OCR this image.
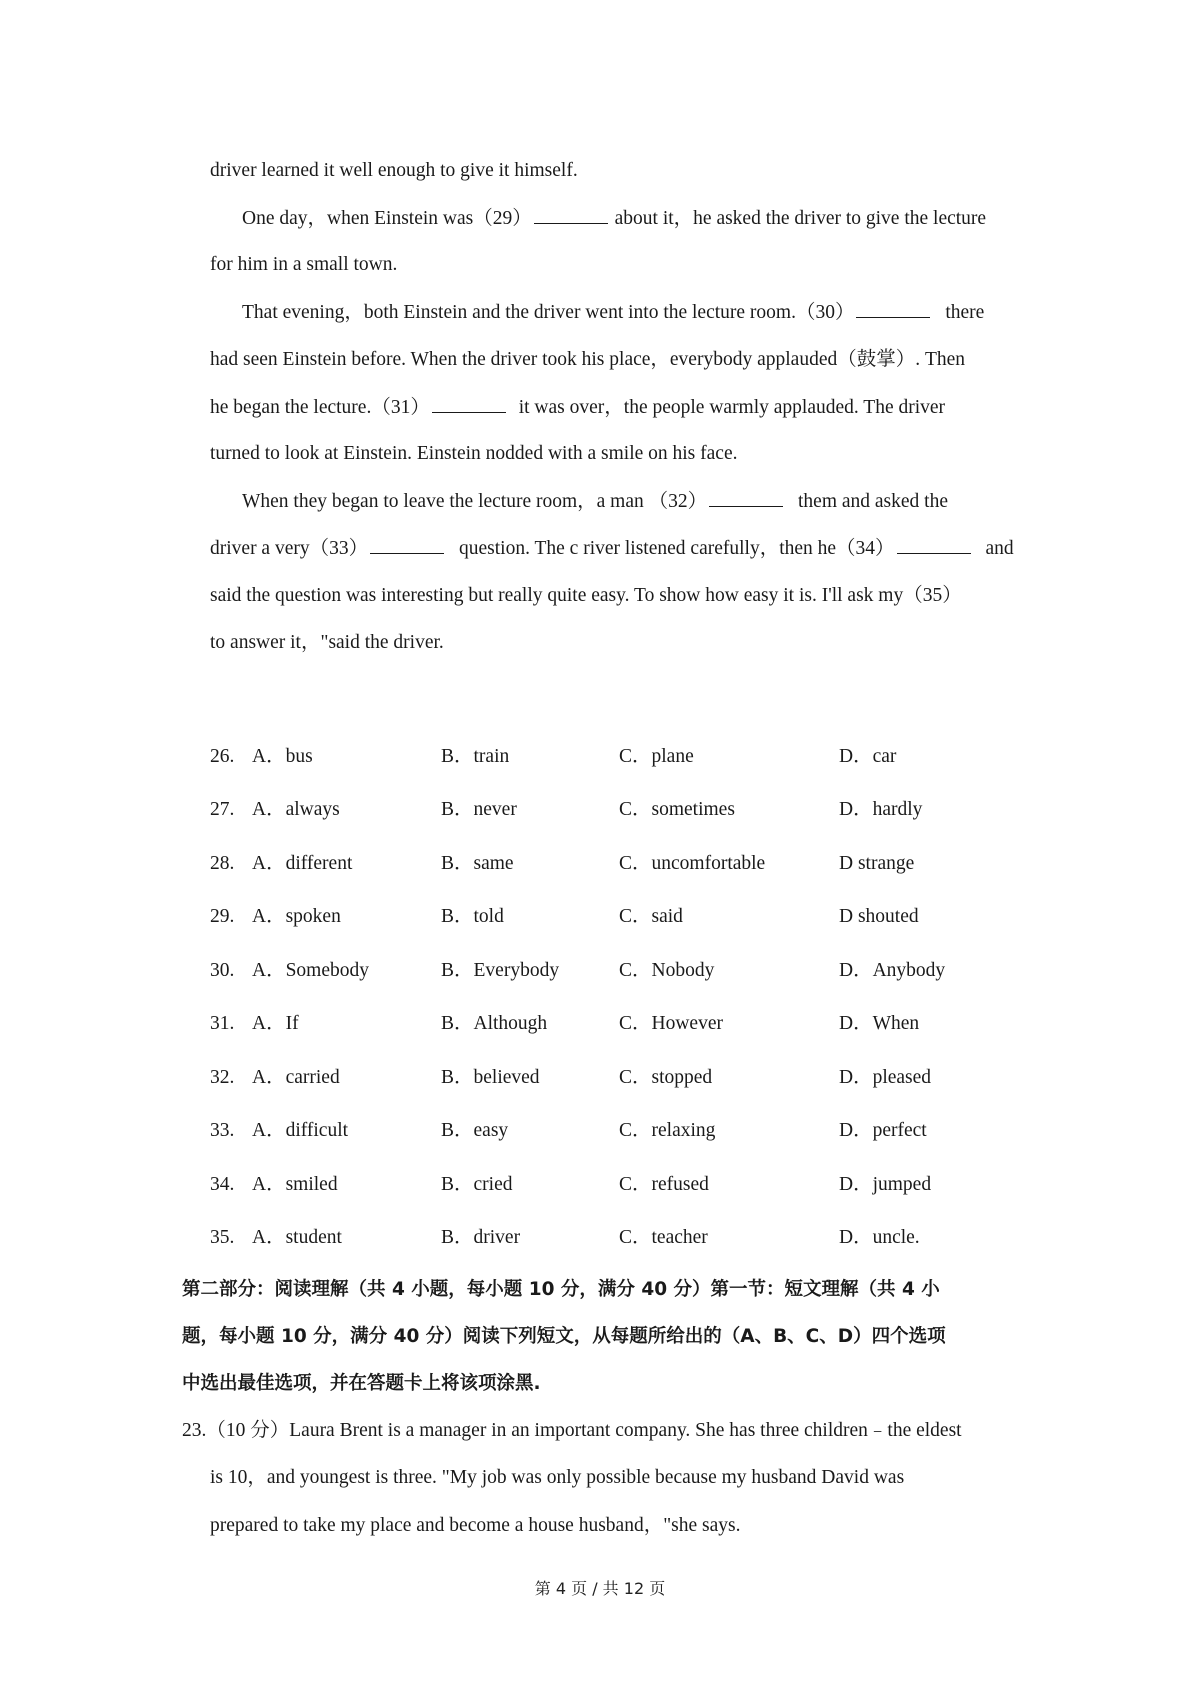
driver learned it well enough to give it himself.
One day，when Einstein was（29）	about it，he asked the driver to give the lecture
for him in a small town.
That evening，both Einstein and the driver went into the lecture room.（30）	there
had seen Einstein before. When the driver took his place，everybody applauded（鼓掌）. Then
he began the lecture.（31）	it was over，the people warmly applauded. The driver
turned to look at Einstein. Einstein nodded with a smile on his face.
When they began to leave the lecture room，a man （32）	them and asked the
driver a very（33）	question. The c river listened carefully，then he（34）	and
said the question was interesting but really quite easy. To show how easy it is. I'll ask my（35）
to answer it，"said the driver.
26. A．bus	B．train	C．plane	D．car
27. A．always	B．never	C．sometimes	D．hardly
28. A．different	B．same	C．uncomfortable	D strange
29. A．spoken	B．told	C．said	D shouted
30. A．Somebody	B．Everybody	C．Nobody	D．Anybody
31. A．If	B．Although	C．However	D．When
32. A．carried	B．believed	C．stopped	D．pleased
33. A．difficult	B．easy	C．relaxing	D．perfect
34. A．smiled	B．cried	C．refused	D．jumped
35. A．student	B．driver	C．teacher	D．uncle.
第二部分：阅读理解（共 4 小题，每小题 10 分，满分 40 分）第一节：短文理解（共 4 小
题，每小题 10 分，满分 40 分）阅读下列短文，从每题所给出的（A、B、C、D）四个选项
中选出最佳选项，并在答题卡上将该项涂黑.
23.（10 分）Laura Brent is a manager in an important company. She has three children﹣the eldest
is 10，and youngest is three. "My job was only possible because my husband David was
prepared to take my place and become a house husband，"she says.
第 4 页 / 共 12 页
